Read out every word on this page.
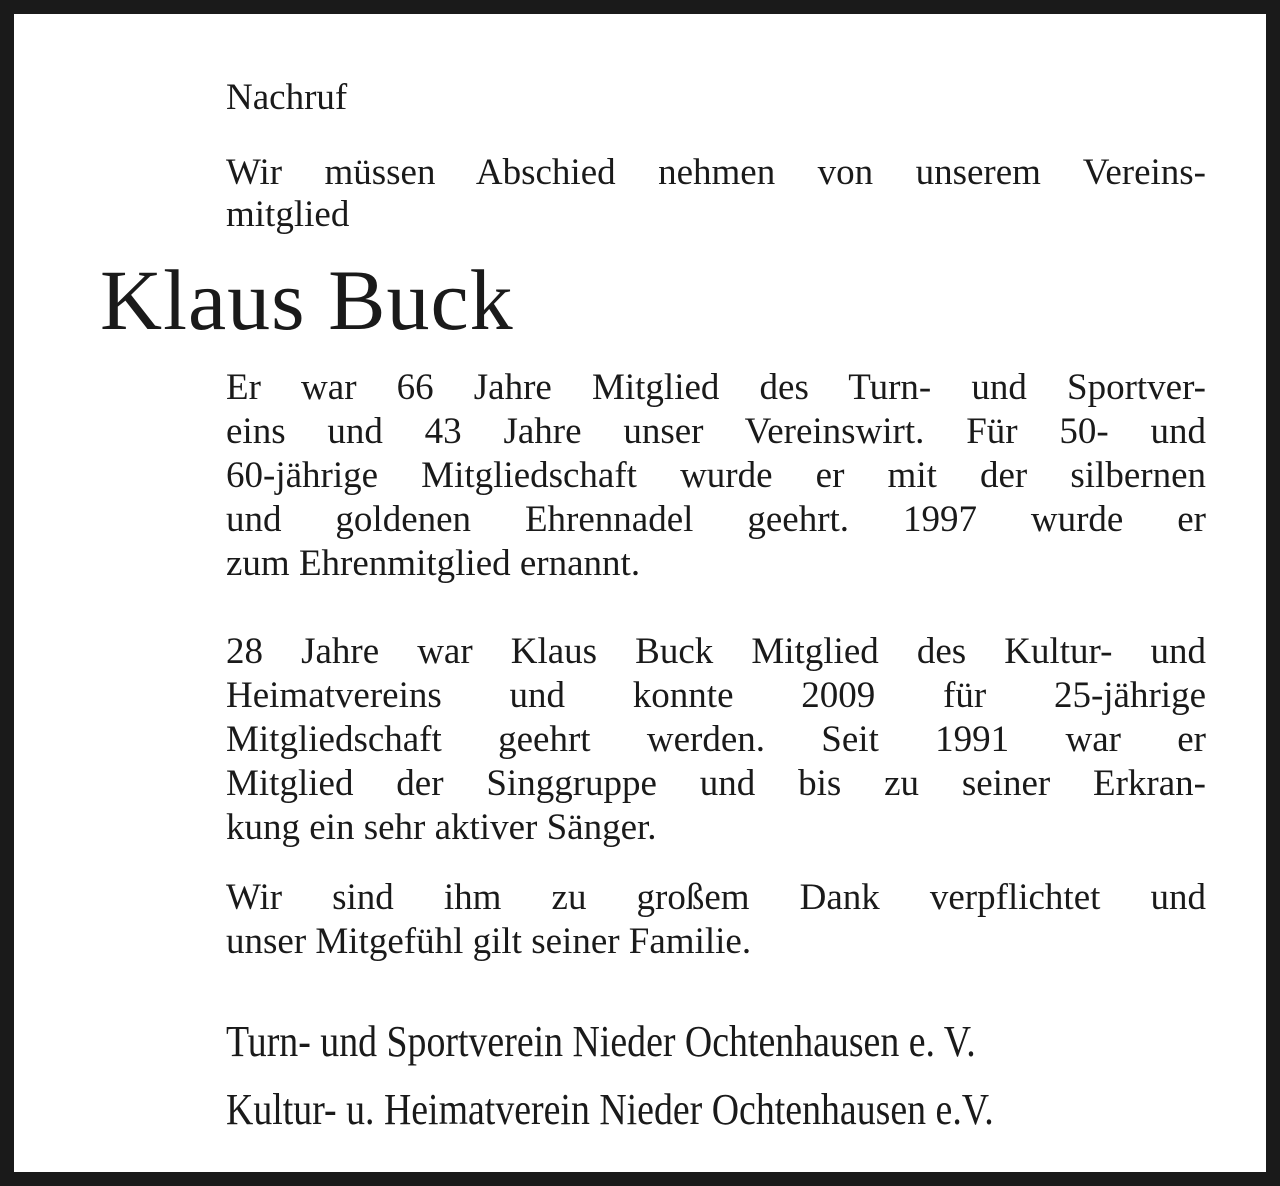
Nachruf
Wir müssen Abschied nehmen von unserem Vereins-
mitglied
Klaus Buck
Er war 66 Jahre Mitglied des Turn- und Sportver-
eins und 43 Jahre unser Vereinswirt. Für 50- und
60-jährige Mitgliedschaft wurde er mit der silbernen
und goldenen Ehrennadel geehrt. 1997 wurde er
zum Ehrenmitglied ernannt.
28 Jahre war Klaus Buck Mitglied des Kultur- und
Heimatvereins und konnte 2009 für 25-jährige
Mitgliedschaft geehrt werden. Seit 1991 war er
Mitglied der Singgruppe und bis zu seiner Erkran-
kung ein sehr aktiver Sänger.
Wir sind ihm zu großem Dank verpflichtet und
unser Mitgefühl gilt seiner Familie.
Turn- und Sportverein Nieder Ochtenhausen e. V.
Kultur- u. Heimatverein Nieder Ochtenhausen e.V.
